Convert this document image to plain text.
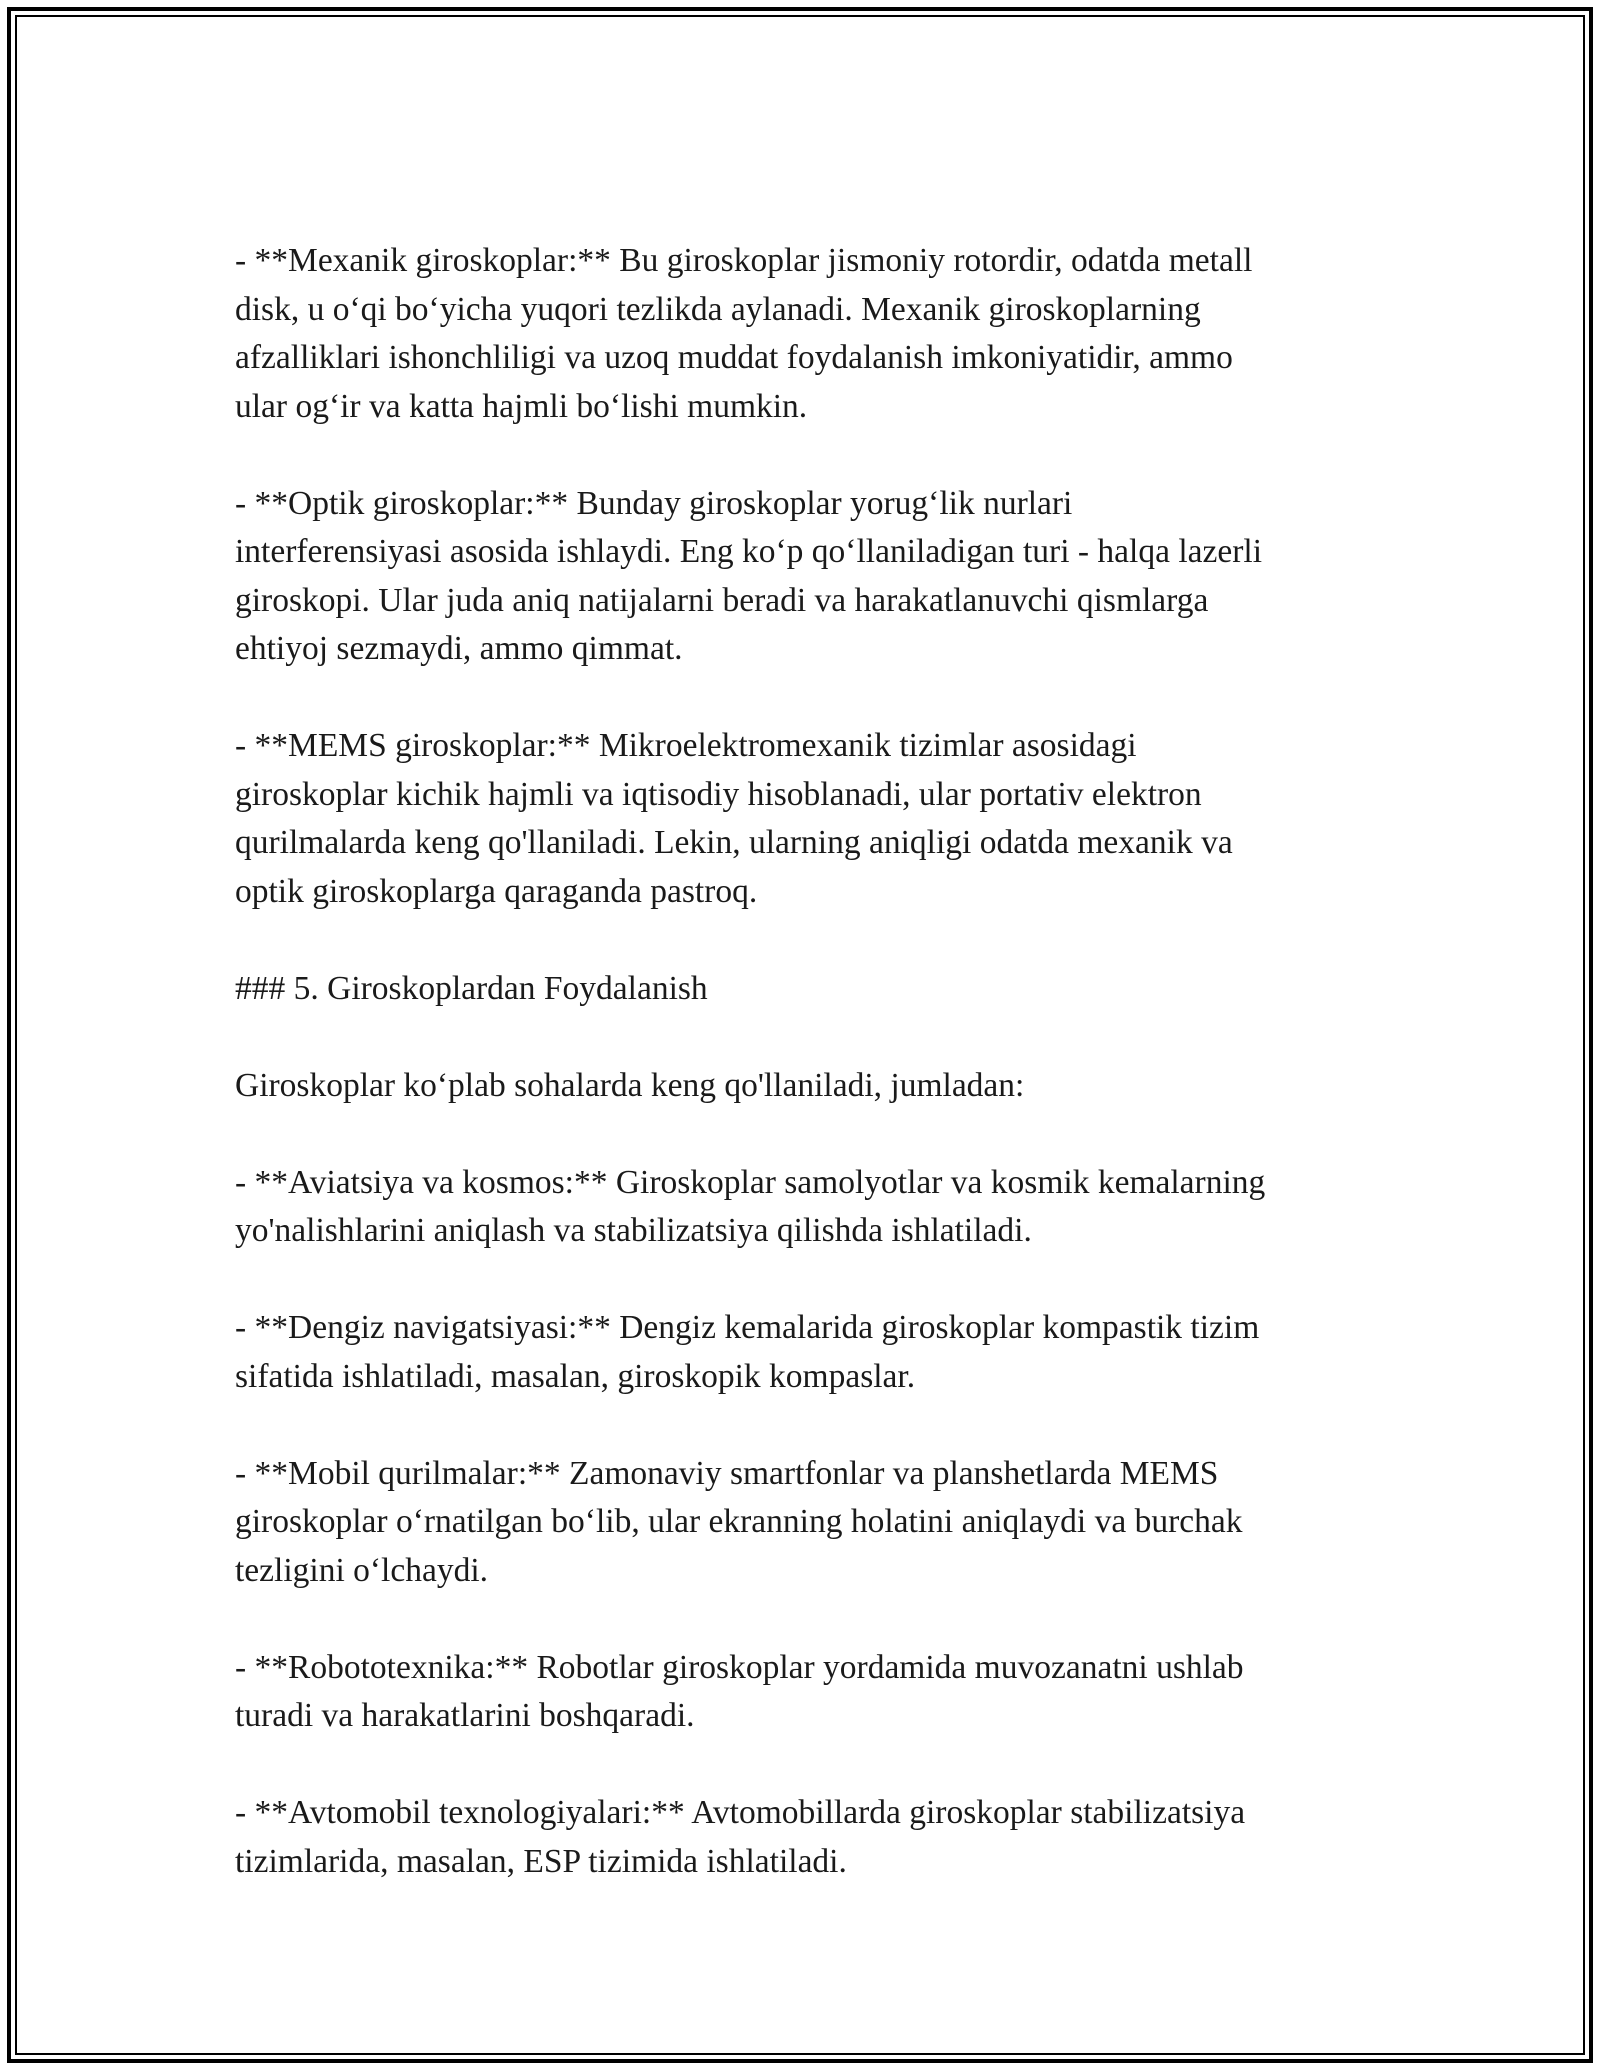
- **Mexanik giroskoplar:** Bu giroskoplar jismoniy rotordir, odatda metall
disk, u o‘qi bo‘yicha yuqori tezlikda aylanadi. Mexanik giroskoplarning
afzalliklari ishonchliligi va uzoq muddat foydalanish imkoniyatidir, ammo
ular og‘ir va katta hajmli bo‘lishi mumkin.

- **Optik giroskoplar:** Bunday giroskoplar yorug‘lik nurlari
interferensiyasi asosida ishlaydi. Eng ko‘p qo‘llaniladigan turi - halqa lazerli
giroskopi. Ular juda aniq natijalarni beradi va harakatlanuvchi qismlarga
ehtiyoj sezmaydi, ammo qimmat.

- **MEMS giroskoplar:** Mikroelektromexanik tizimlar asosidagi
giroskoplar kichik hajmli va iqtisodiy hisoblanadi, ular portativ elektron
qurilmalarda keng qo'llaniladi. Lekin, ularning aniqligi odatda mexanik va
optik giroskoplarga qaraganda pastroq.

### 5. Giroskoplardan Foydalanish

Giroskoplar ko‘plab sohalarda keng qo'llaniladi, jumladan:

- **Aviatsiya va kosmos:** Giroskoplar samolyotlar va kosmik kemalarning
yo'nalishlarini aniqlash va stabilizatsiya qilishda ishlatiladi.

- **Dengiz navigatsiyasi:** Dengiz kemalarida giroskoplar kompastik tizim
sifatida ishlatiladi, masalan, giroskopik kompaslar.

- **Mobil qurilmalar:** Zamonaviy smartfonlar va planshetlarda MEMS
giroskoplar o‘rnatilgan bo‘lib, ular ekranning holatini aniqlaydi va burchak
tezligini o‘lchaydi.

- **Robototexnika:** Robotlar giroskoplar yordamida muvozanatni ushlab
turadi va harakatlarini boshqaradi.

- **Avtomobil texnologiyalari:** Avtomobillarda giroskoplar stabilizatsiya
tizimlarida, masalan, ESP tizimida ishlatiladi.
